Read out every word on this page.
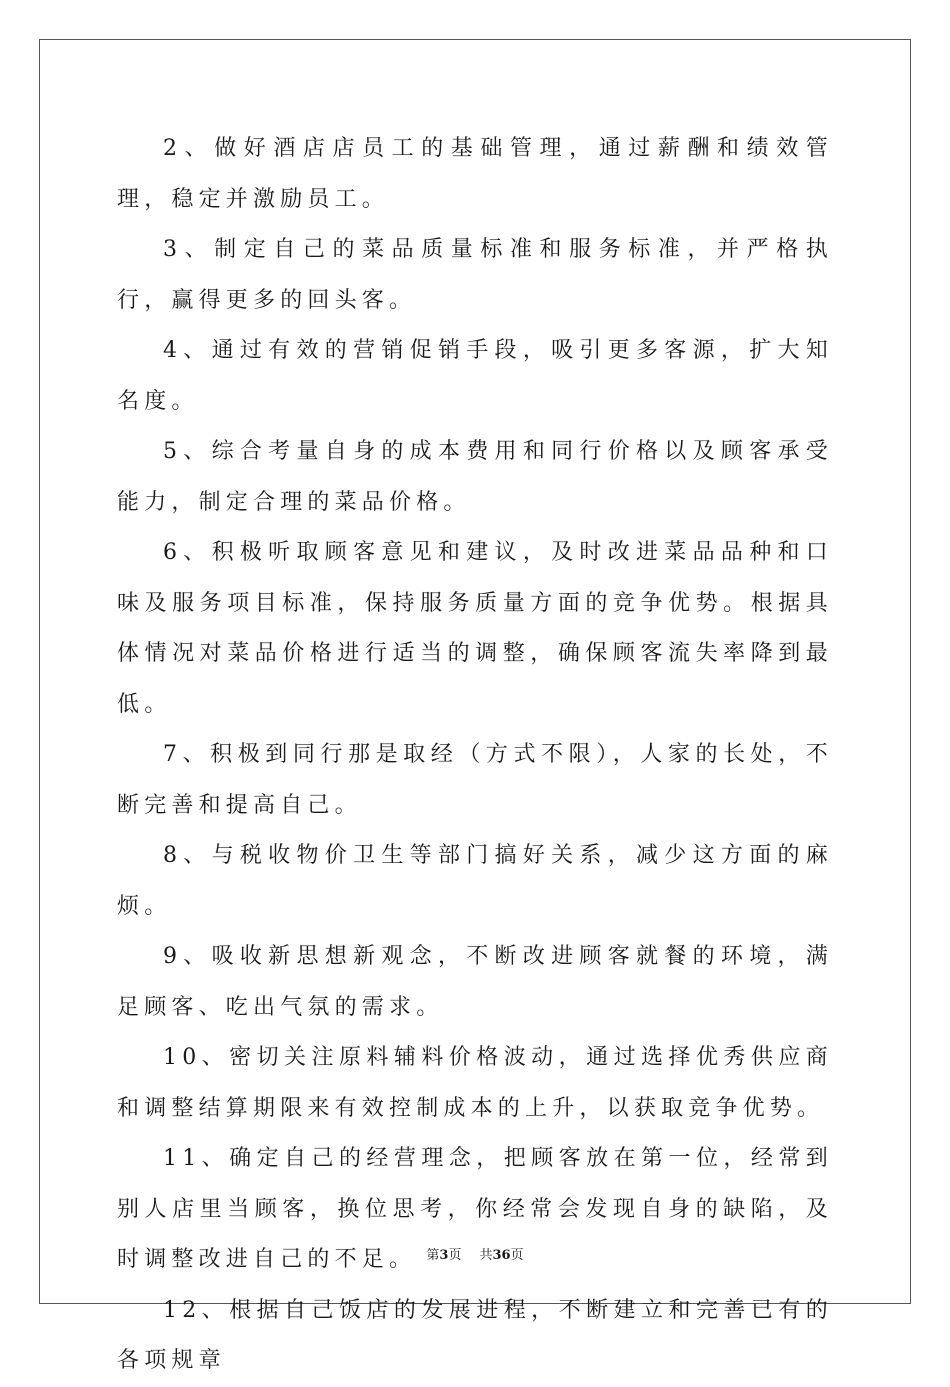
2、做好酒店店员工的基础管理，通过薪酬和绩效管理，稳定并激励员工。

3、制定自己的菜品质量标准和服务标准，并严格执行，赢得更多的回头客。

4、通过有效的营销促销手段，吸引更多客源，扩大知名度。

5、综合考量自身的成本费用和同行价格以及顾客承受能力，制定合理的菜品价格。

6、积极听取顾客意见和建议，及时改进菜品品种和口味及服务项目标准，保持服务质量方面的竞争优势。根据具体情况对菜品价格进行适当的调整，确保顾客流失率降到最低。

7、积极到同行那是取经（方式不限），人家的长处，不断完善和提高自己。

8、与税收物价卫生等部门搞好关系，减少这方面的麻烦。

9、吸收新思想新观念，不断改进顾客就餐的环境，满足顾客、吃出气氛的需求。

10、密切关注原料辅料价格波动，通过选择优秀供应商和调整结算期限来有效控制成本的上升，以获取竞争优势。

11、确定自己的经营理念，把顾客放在第一位，经常到别人店里当顾客，换位思考，你经常会发现自身的缺陷，及时调整改进自己的不足。

12、根据自己饭店的发展进程，不断建立和完善已有的各项规章

第3页 共36页
